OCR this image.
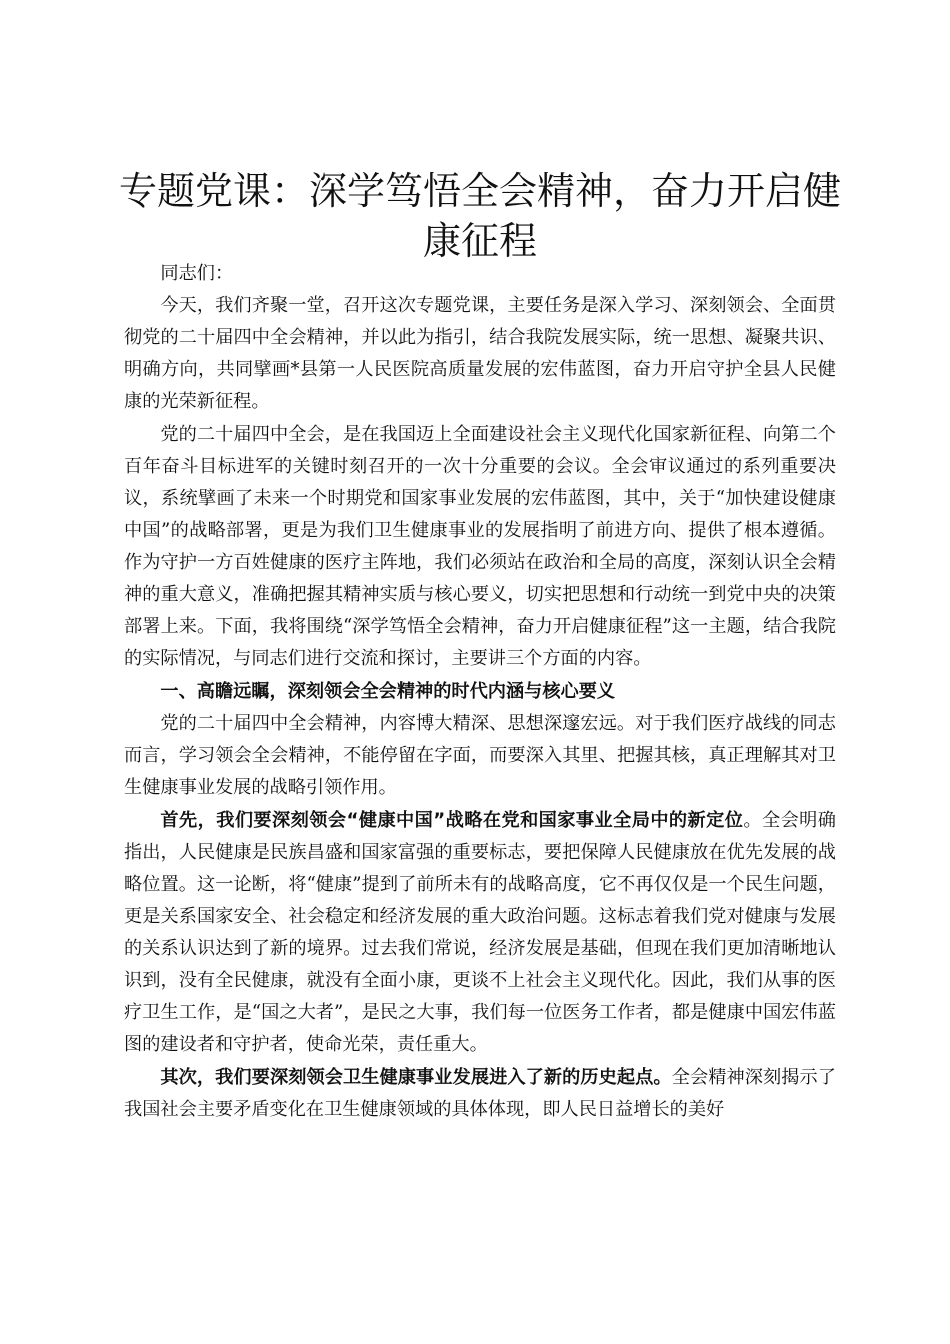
专题党课：深学笃悟全会精神，奋力开启健康征程

同志们：

今天，我们齐聚一堂，召开这次专题党课，主要任务是深入学习、深刻领会、全面贯彻党的二十届四中全会精神，并以此为指引，结合我院发展实际，统一思想、凝聚共识、明确方向，共同擘画*县第一人民医院高质量发展的宏伟蓝图，奋力开启守护全县人民健康的光荣新征程。

党的二十届四中全会，是在我国迈上全面建设社会主义现代化国家新征程、向第二个百年奋斗目标进军的关键时刻召开的一次十分重要的会议。全会审议通过的系列重要决议，系统擘画了未来一个时期党和国家事业发展的宏伟蓝图，其中，关于“加快建设健康中国”的战略部署，更是为我们卫生健康事业的发展指明了前进方向、提供了根本遵循。作为守护一方百姓健康的医疗主阵地，我们必须站在政治和全局的高度，深刻认识全会精神的重大意义，准确把握其精神实质与核心要义，切实把思想和行动统一到党中央的决策部署上来。下面，我将围绕“深学笃悟全会精神，奋力开启健康征程”这一主题，结合我院的实际情况，与同志们进行交流和探讨，主要讲三个方面的内容。

一、高瞻远瞩，深刻领会全会精神的时代内涵与核心要义

党的二十届四中全会精神，内容博大精深、思想深邃宏远。对于我们医疗战线的同志而言，学习领会全会精神，不能停留在字面，而要深入其里、把握其核，真正理解其对卫生健康事业发展的战略引领作用。

首先，我们要深刻领会“健康中国”战略在党和国家事业全局中的新定位。全会明确指出，人民健康是民族昌盛和国家富强的重要标志，要把保障人民健康放在优先发展的战略位置。这一论断，将“健康”提到了前所未有的战略高度，它不再仅仅是一个民生问题，更是关系国家安全、社会稳定和经济发展的重大政治问题。这标志着我们党对健康与发展的关系认识达到了新的境界。过去我们常说，经济发展是基础，但现在我们更加清晰地认识到，没有全民健康，就没有全面小康，更谈不上社会主义现代化。因此，我们从事的医疗卫生工作，是“国之大者”，是民之大事，我们每一位医务工作者，都是健康中国宏伟蓝图的建设者和守护者，使命光荣，责任重大。

其次，我们要深刻领会卫生健康事业发展进入了新的历史起点。全会精神深刻揭示了我国社会主要矛盾变化在卫生健康领域的具体体现，即人民日益增长的美好
